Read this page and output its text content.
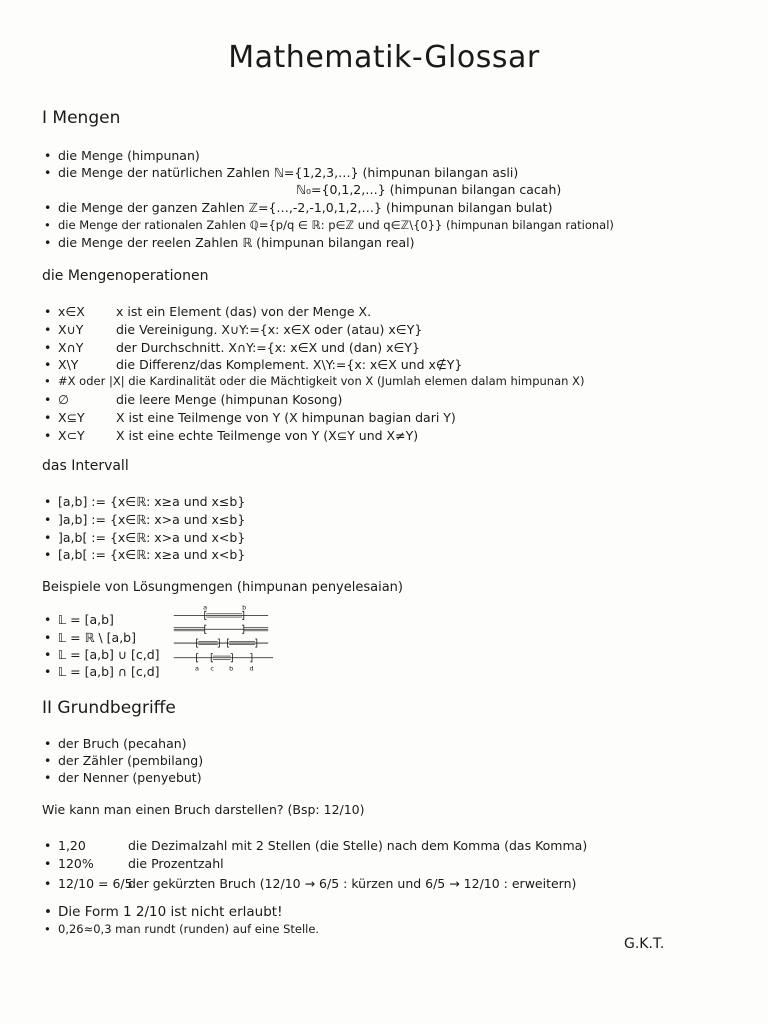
Mathematik-Glossar
I Mengen
• die Menge (himpunan)
• die Menge der natürlichen Zahlen ℕ={1,2,3,…} (himpunan bilangan asli)
ℕ₀={0,1,2,…} (himpunan bilangan cacah)
• die Menge der ganzen Zahlen ℤ={…,-2,-1,0,1,2,…} (himpunan bilangan bulat)
• die Menge der rationalen Zahlen ℚ={p/q ∈ ℝ: p∈ℤ und q∈ℤ\{0}} (himpunan bilangan rational)
• die Menge der reelen Zahlen ℝ (himpunan bilangan real)
die Mengenoperationen
• x∈X x ist ein Element (das) von der Menge X.
• X∪Y	die Vereinigung. X∪Y:={x: x∈X oder (atau) x∈Y}
• X∩Y	der Durchschnitt. X∩Y:={x: x∈X und (dan) x∈Y}
• X\Y	die Differenz/das Komplement. X\Y:={x: x∈X und x∉Y}
• #X oder |X| die Kardinalität oder die Mächtigkeit von X (Jumlah elemen dalam himpunan X)
• ∅	die leere Menge (himpunan Kosong)
• X⊆Y	X ist eine Teilmenge von Y (X himpunan bagian dari Y)
• X⊂Y	X ist eine echte Teilmenge von Y (X⊆Y und X≠Y)
das Intervall
• [a,b] := {x∈ℝ: x≥a und x≤b}
• ]a,b] := {x∈ℝ: x>a und x≤b}
• ]a,b[ := {x∈ℝ: x>a und x<b}
• [a,b[ := {x∈ℝ: x≥a und x<b}
Beispiele von Lösungmengen (himpunan penyelesaian)
• 𝕃 = [a,b]
• 𝕃 = ℝ \ [a,b]
• 𝕃 = [a,b] ∪ [c,d]
• 𝕃 = [a,b] ∩ [c,d]
a	b
a c b d
II Grundbegriffe
• der Bruch (pecahan)
• der Zähler (pembilang)
• der Nenner (penyebut)
Wie kann man einen Bruch darstellen? (Bsp: 12/10)
• 1,20	die Dezimalzahl mit 2 Stellen (die Stelle) nach dem Komma (das Komma)
• 120%	die Prozentzahl
• 12/10 = 6/5der gekürzten Bruch (12/10 → 6/5 : kürzen und 6/5 → 12/10 : erweitern)
• Die Form 1 2/10 ist nicht erlaubt!
• 0,26≈0,3 man rundt (runden) auf eine Stelle.
G.K.T.
